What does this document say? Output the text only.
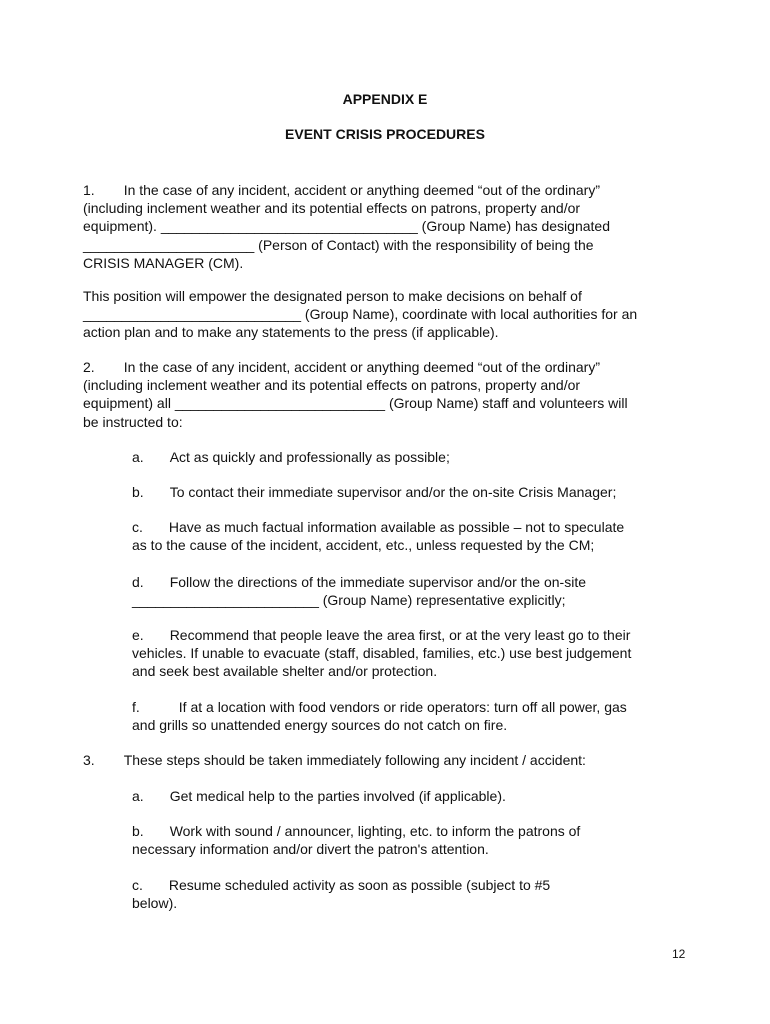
APPENDIX E
EVENT CRISIS PROCEDURES
1. In the case of any incident, accident or anything deemed “out of the ordinary”
(including inclement weather and its potential effects on patrons, property and/or
equipment). _________________________________ (Group Name) has designated
______________________ (Person of Contact) with the responsibility of being the
CRISIS MANAGER (CM).
This position will empower the designated person to make decisions on behalf of
____________________________ (Group Name), coordinate with local authorities for an
action plan and to make any statements to the press (if applicable).
2. In the case of any incident, accident or anything deemed “out of the ordinary”
(including inclement weather and its potential effects on patrons, property and/or
equipment) all ___________________________ (Group Name) staff and volunteers will
be instructed to:
a. Act as quickly and professionally as possible;
b. To contact their immediate supervisor and/or the on-site Crisis Manager;
c. Have as much factual information available as possible – not to speculate
as to the cause of the incident, accident, etc., unless requested by the CM;
d. Follow the directions of the immediate supervisor and/or the on-site
________________________ (Group Name) representative explicitly;
e. Recommend that people leave the area first, or at the very least go to their
vehicles. If unable to evacuate (staff, disabled, families, etc.) use best judgement
and seek best available shelter and/or protection.
f.	If at a location with food vendors or ride operators: turn off all power, gas
and grills so unattended energy sources do not catch on fire.
3. These steps should be taken immediately following any incident / accident:
a. Get medical help to the parties involved (if applicable).
b. Work with sound / announcer, lighting, etc. to inform the patrons of
necessary information and/or divert the patron's attention.
c. Resume scheduled activity as soon as possible (subject to #5
below).
12
